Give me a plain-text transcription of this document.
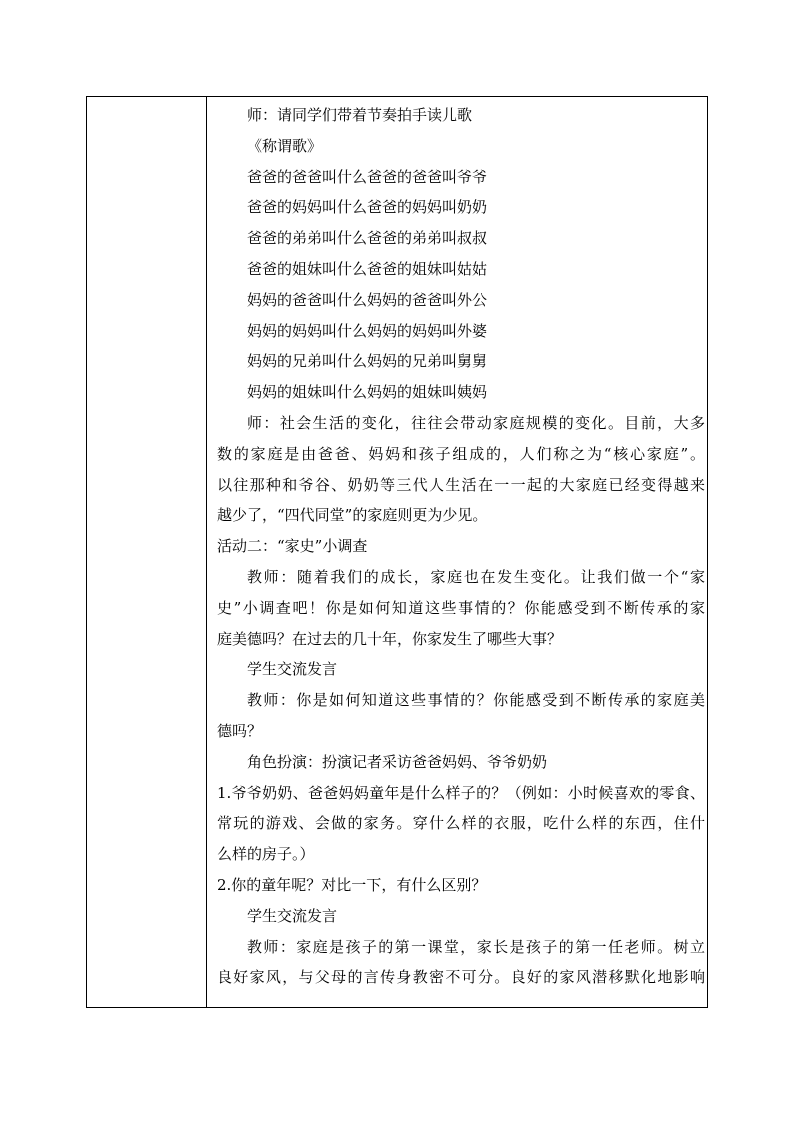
师：请同学们带着节奏拍手读儿歌
《称谓歌》
爸爸的爸爸叫什么爸爸的爸爸叫爷爷
爸爸的妈妈叫什么爸爸的妈妈叫奶奶
爸爸的弟弟叫什么爸爸的弟弟叫叔叔
爸爸的姐妹叫什么爸爸的姐妹叫姑姑
妈妈的爸爸叫什么妈妈的爸爸叫外公
妈妈的妈妈叫什么妈妈的妈妈叫外婆
妈妈的兄弟叫什么妈妈的兄弟叫舅舅
妈妈的姐妹叫什么妈妈的姐妹叫姨妈
师：社会生活的变化，往往会带动家庭规模的变化。目前，大多
数的家庭是由爸爸、妈妈和孩子组成的，人们称之为“核心家庭”。
以往那种和爷谷、奶奶等三代人生活在一一起的大家庭已经变得越来
越少了，“四代同堂”的家庭则更为少见。
活动二：“家史”小调查
教师：随着我们的成长，家庭也在发生变化。让我们做一个“家
史”小调查吧！你是如何知道这些事情的？你能感受到不断传承的家
庭美德吗？在过去的几十年，你家发生了哪些大事？
学生交流发言
教师：你是如何知道这些事情的？你能感受到不断传承的家庭美
德吗？
角色扮演：扮演记者采访爸爸妈妈、爷爷奶奶
1.爷爷奶奶、爸爸妈妈童年是什么样子的？（例如：小时候喜欢的零食、
常玩的游戏、会做的家务。穿什么样的衣服，吃什么样的东西，住什
么样的房子。）
2.你的童年呢？对比一下，有什么区别？
学生交流发言
教师：家庭是孩子的第一课堂，家长是孩子的第一任老师。树立
良好家风，与父母的言传身教密不可分。良好的家风潜移默化地影响
